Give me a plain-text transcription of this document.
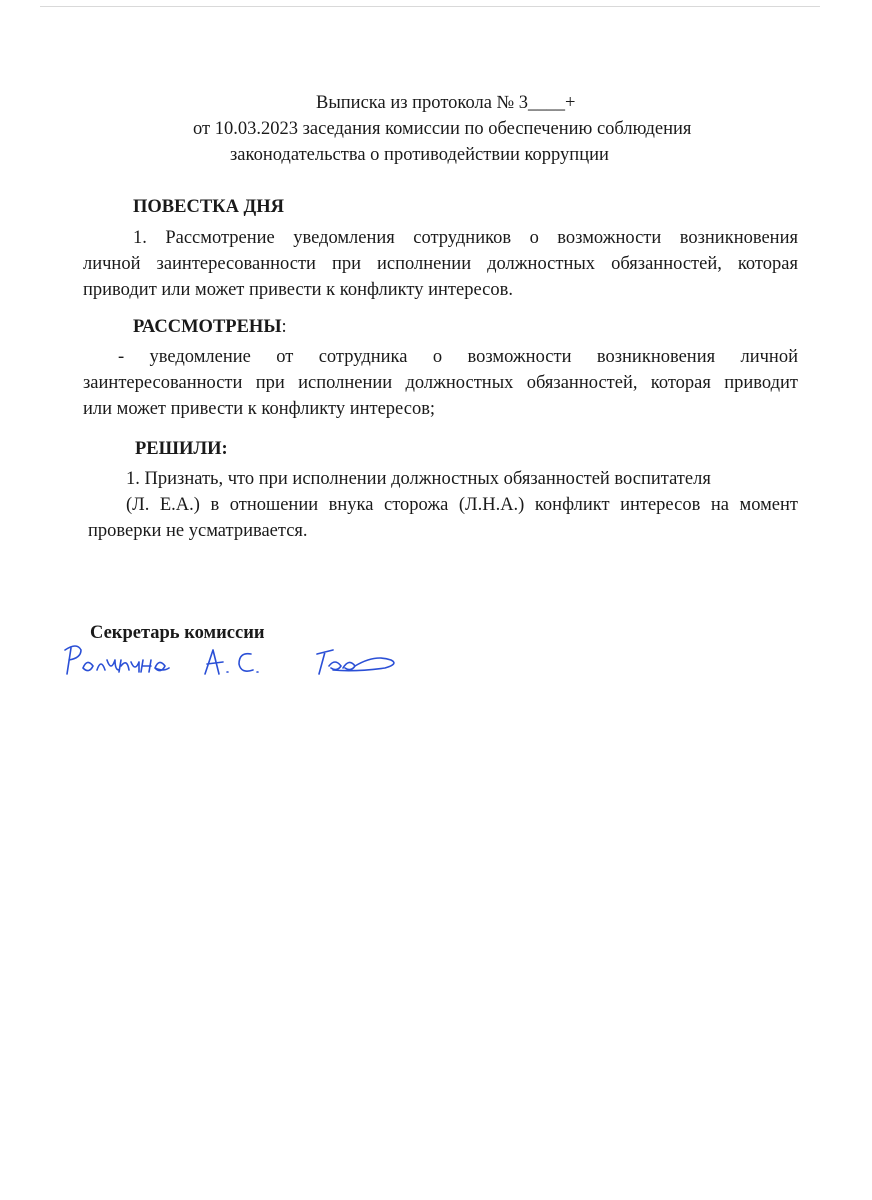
Выписка из протокола № 3____+
от 10.03.2023 заседания комиссии по обеспечению соблюдения
законодательства о противодействии коррупции
ПОВЕСТКА ДНЯ
1. Рассмотрение уведомления сотрудников о возможности возникновения
личной заинтересованности при исполнении должностных обязанностей, которая
приводит или может привести к конфликту интересов.
РАССМОТРЕНЫ:
- уведомление от сотрудника о возможности возникновения личной
заинтересованности при исполнении должностных обязанностей, которая приводит
или может привести к конфликту интересов;
РЕШИЛИ:
1. Признать, что при исполнении должностных обязанностей воспитателя
(Л. Е.А.) в отношении внука сторожа (Л.Н.А.) конфликт интересов на момент
проверки не усматривается.
Секретарь комиссии
